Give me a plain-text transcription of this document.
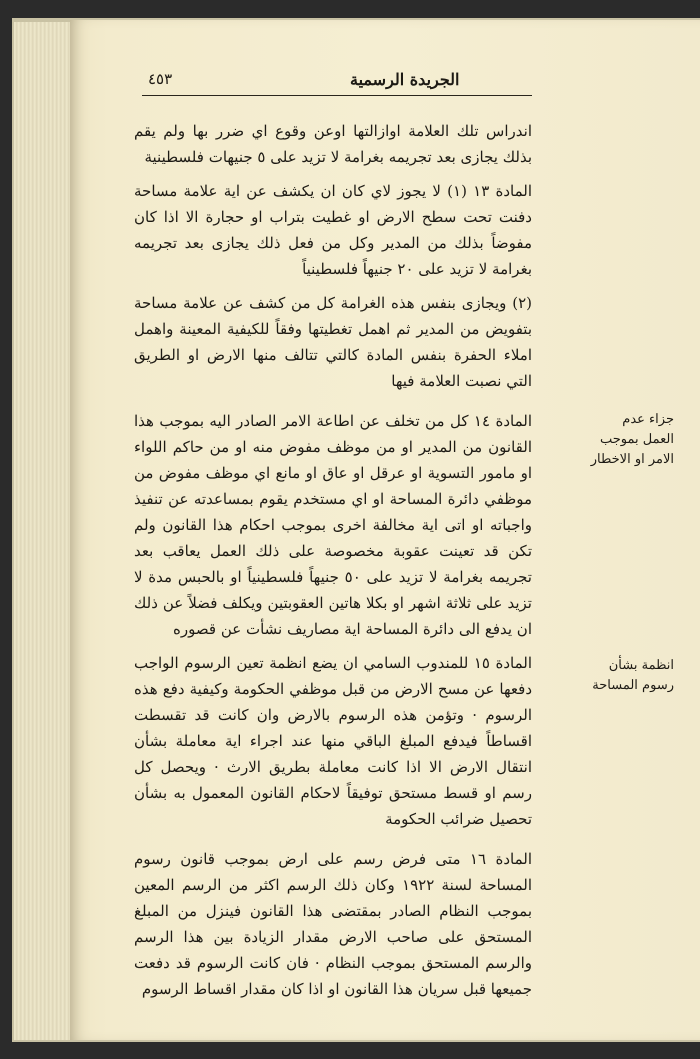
الجريدة الرسمية
٤٥٣

اندراس تلك العلامة اوازالتها اوعن وقوع اي ضرر بها ولم يقم بذلك يجازى بعد تجريمه بغرامة لا تزيد على ٥ جنيهات فلسطينية

المادة ١٣ (١) لا يجوز لاي كان ان يكشف عن اية علامة مساحة دفنت تحت سطح الارض او غطيت بتراب او حجارة الا اذا كان مفوضاً بذلك من المدير وكل من فعل ذلك يجازى بعد تجريمه بغرامة لا تزيد على ٢٠ جنيهاً فلسطينياً

(٢) ويجازى بنفس هذه الغرامة كل من كشف عن علامة مساحة بتفويض من المدير ثم اهمل تغطيتها وفقاً للكيفية المعينة واهمل املاء الحفرة بنفس المادة كالتي تتالف منها الارض او الطريق التي نصبت العلامة فيها

المادة ١٤ كل من تخلف عن اطاعة الامر الصادر اليه بموجب هذا القانون من المدير او من موظف مفوض منه او من حاكم اللواء او مامور التسوية او عرقل او عاق او مانع اي موظف مفوض من موظفي دائرة المساحة او اي مستخدم يقوم بمساعدته عن تنفيذ واجباته او اتى اية مخالفة اخرى بموجب احكام هذا القانون ولم تكن قد تعينت عقوبة مخصوصة على ذلك العمل يعاقب بعد تجريمه بغرامة لا تزيد على ٥٠ جنيهاً فلسطينياً او بالحبس مدة لا تزيد على ثلاثة اشهر او بكلا هاتين العقوبتين ويكلف فضلاً عن ذلك ان يدفع الى دائرة المساحة اية مصاريف نشأت عن قصوره

المادة ١٥ للمندوب السامي ان يضع انظمة تعين الرسوم الواجب دفعها عن مسح الارض من قبل موظفي الحكومة وكيفية دفع هذه الرسوم · وتؤمن هذه الرسوم بالارض وان كانت قد تقسطت اقساطاً فيدفع المبلغ الباقي منها عند اجراء اية معاملة بشأن انتقال الارض الا اذا كانت معاملة بطريق الارث · ويحصل كل رسم او قسط مستحق توفيقاً لاحكام القانون المعمول به بشأن تحصيل ضرائب الحكومة

المادة ١٦ متى فرض رسم على ارض بموجب قانون رسوم المساحة لسنة ١٩٢٢ وكان ذلك الرسم اكثر من الرسم المعين بموجب النظام الصادر بمقتضى هذا القانون فينزل من المبلغ المستحق على صاحب الارض مقدار الزيادة بين هذا الرسم والرسم المستحق بموجب النظام · فان كانت الرسوم قد دفعت جميعها قبل سريان هذا القانون او اذا كان مقدار اقساط الرسوم

جزاء عدم العمل بموجب الامر او الاخطار
انظمة بشأن رسوم المساحة
